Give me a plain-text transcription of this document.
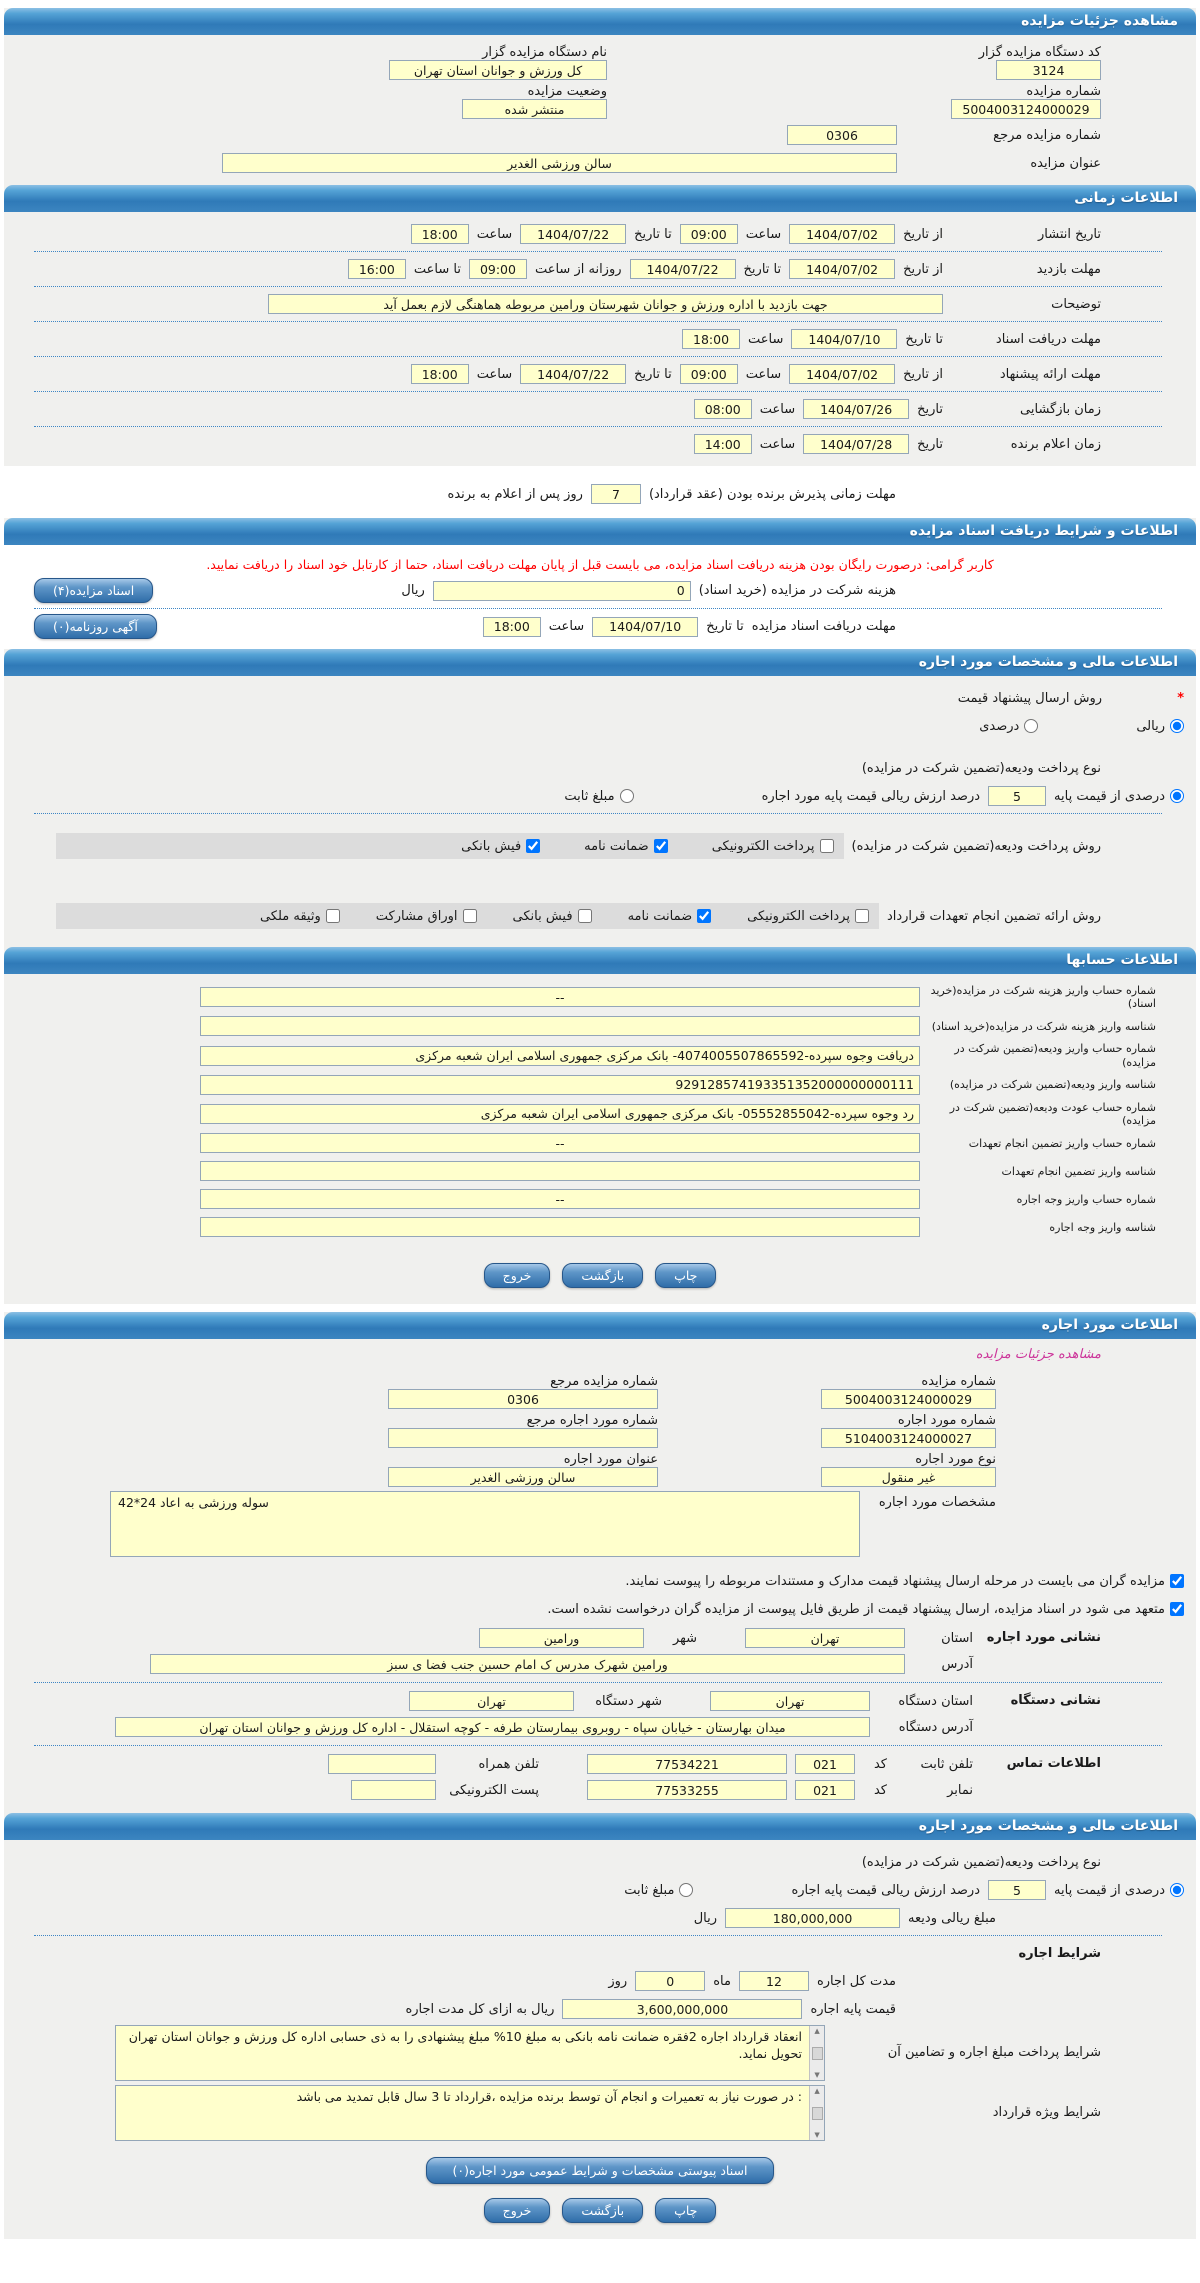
مشاهده جزئیات مزایده
کد دستگاه مزایده گزار
3124
نام دستگاه مزایده گزار
کل ورزش و جوانان استان تهران
شماره مزایده
5004003124000029
وضعیت مزایده
منتشر شده
شماره مزایده مرجع
0306
عنوان مزایده
سالن ورزشی الغدیر
اطلاعات زمانی
تاریخ انتشار
از تاریخ
1404/07/02
ساعت
09:00
تا تاریخ
1404/07/22
ساعت
18:00
مهلت بازدید
از تاریخ
1404/07/02
تا تاریخ
1404/07/22
روزانه از ساعت
09:00
تا ساعت
16:00
توضیحات
جهت بازدید با اداره ورزش و جوانان شهرستان ورامین مربوطه هماهنگی لازم بعمل آید
مهلت دریافت اسناد
تا تاریخ
1404/07/10
ساعت
18:00
مهلت ارائه پیشنهاد
از تاریخ
1404/07/02
ساعت
09:00
تا تاریخ
1404/07/22
ساعت
18:00
زمان بازگشایی
تاریخ
1404/07/26
ساعت
08:00
زمان اعلام برنده
تاریخ
1404/07/28
ساعت
14:00
مهلت زمانی پذیرش برنده بودن (عقد قرارداد)
7
روز پس از اعلام به برنده
اطلاعات و شرایط دریافت اسناد مزایده
کاربر گرامی: درصورت رایگان بودن هزینه دریافت اسناد مزایده، می بایست قبل از پایان مهلت دریافت اسناد، حتما از کارتابل خود اسناد را دریافت نمایید.
هزینه شرکت در مزایده (خرید اسناد)
0
ریال
اسناد مزایده(۴)
مهلت دریافت اسناد مزایده
تا تاریخ
1404/07/10
ساعت
18:00
آگهی روزنامه(۰)
اطلاعات مالی و مشخصات مورد اجاره
*
روش ارسال پیشنهاد قیمت
ریالی
درصدی
نوع پرداخت ودیعه(تضمین شرکت در مزایده)
درصدی از قیمت پایه
5
درصد ارزش ریالی قیمت پایه مورد اجاره
مبلغ ثابت
روش پرداخت ودیعه(تضمین شرکت در مزایده)
پرداخت الکترونیکی
ضمانت نامه
فیش بانکی
روش ارائه تضمین انجام تعهدات قرارداد
پرداخت الکترونیکی
ضمانت نامه
فیش بانکی
اوراق مشارکت
وثیقه ملکی
اطلاعات حسابها
شماره حساب واریز هزینه شرکت در مزایده(خرید اسناد)
--
شناسه واریز هزینه شرکت در مزایده(خرید اسناد)
شماره حساب واریز ودیعه(تضمین شرکت در مزایده)
دریافت وجوه سپرده-4074005507865592- بانک مرکزی جمهوری اسلامی ایران شعبه مرکزی
شناسه واریز ودیعه(تضمین شرکت در مزایده)
929128574193351352000000000111
شماره حساب عودت ودیعه(تضمین شرکت در مزایده)
رد وجوه سپرده-05552855042- بانک مرکزی جمهوری اسلامی ایران شعبه مرکزی
شماره حساب واریز تضمین انجام تعهدات
--
شناسه واریز تضمین انجام تعهدات
شماره حساب واریز وجه اجاره
--
شناسه واریز وجه اجاره
چاپ
بازگشت
خروج
اطلاعات مورد اجاره
مشاهده جزئیات مزایده
شماره مزایده
5004003124000029
شماره مزایده مرجع
0306
شماره مورد اجاره
5104003124000027
شماره مورد اجاره مرجع
نوع مورد اجاره
غیر منقول
عنوان مورد اجاره
سالن ورزشی الغدیر
مشخصات مورد اجاره
سوله ورزشی به اعاد 24*42
مزایده گران می بایست در مرحله ارسال پیشنهاد قیمت مدارک و مستندات مربوطه را پیوست نمایند.
متعهد می شود در اسناد مزایده، ارسال پیشنهاد قیمت از طریق فایل پیوست از مزایده گران درخواست نشده است.
نشانی مورد اجاره
استان
تهران
شهر
ورامین
آدرس
ورامین شهرک مدرس ک امام حسین جنب فضا ی سبز
نشانی دستگاه
استان دستگاه
تهران
شهر دستگاه
تهران
آدرس دستگاه
میدان بهارستان - خیابان سپاه - روبروی بیمارستان طرفه - کوچه استقلال - اداره کل ورزش و جوانان استان تهران
اطلاعات تماس
تلفن ثابت
کد
021
77534221
تلفن همراه
نمابر
کد
021
77533255
پست الکترونیکی
اطلاعات مالی و مشخصات مورد اجاره
نوع پرداخت ودیعه(تضمین شرکت در مزایده)
درصدی از قیمت پایه
5
درصد ارزش ریالی قیمت پایه اجاره
مبلغ ثابت
مبلغ ریالی ودیعه
180,000,000
ریال
شرایط اجاره
مدت کل اجاره
12
ماه
0
روز
قیمت پایه اجاره
3,600,000,000
ریال به ازای کل مدت اجاره
شرایط پرداخت مبلغ اجاره و تضامین آن
▲
▼
انعقاد قرارداد اجاره 2فقره ضمانت نامه بانکی به مبلغ 10% مبلغ پیشنهادی را به ذی حسابی اداره کل ورزش و جوانان استان تهران تحویل نماید.
شرایط ویژه قرارداد
▲
▼
: در صورت نیاز به تعمیرات و انجام آن توسط برنده مزایده ،قرارداد تا 3 سال قابل تمدید می باشد
اسناد پیوستی مشخصات و شرایط عمومی مورد اجاره(۰)
چاپ
بازگشت
خروج
